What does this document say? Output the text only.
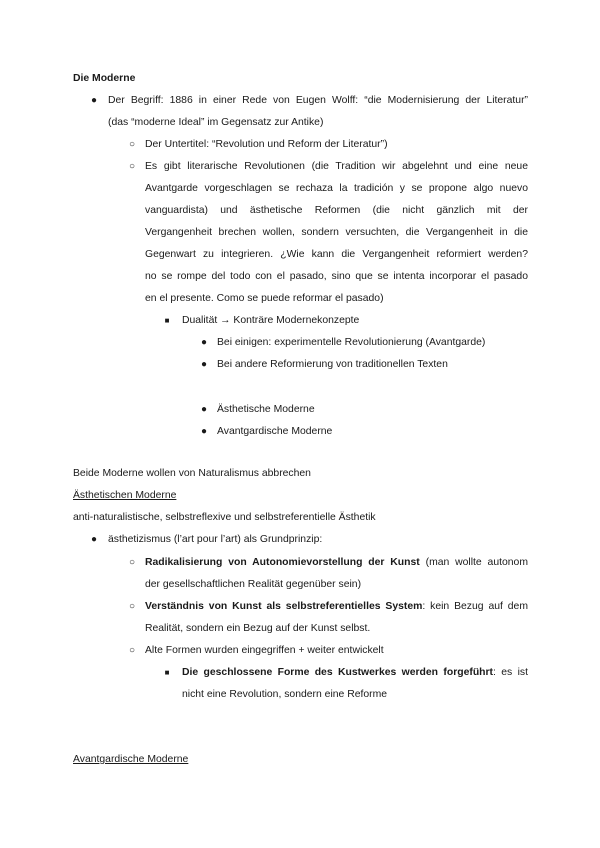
Die Moderne
●	Der Begriff: 1886 in einer Rede von Eugen Wolff: “die Modernisierung der Literatur”
(das “moderne Ideal” im Gegensatz zur Antike)
○ Der Untertitel: “Revolution und Reform der Literatur”)
○ Es gibt literarische Revolutionen (die Tradition wir abgelehnt und eine neue
Avantgarde vorgeschlagen se rechaza la tradición y se propone algo nuevo
vanguardista) und ästhetische Reformen (die nicht gänzlich mit der
Vergangenheit brechen wollen, sondern versuchten, die Vergangenheit in die
Gegenwart zu integrieren. ¿Wie kann die Vergangenheit reformiert werden?
no se rompe del todo con el pasado, sino que se intenta incorporar el pasado
en el presente. Como se puede reformar el pasado)
■	Dualität → Konträre Modernekonzepte
● Bei einigen: experimentelle Revolutionierung (Avantgarde)
● Bei andere Reformierung von traditionellen Texten
● Ästhetische Moderne
● Avantgardische Moderne
Beide Moderne wollen von Naturalismus abbrechen
Ästhetischen Moderne
anti-naturalistische, selbstreflexive und selbstreferentielle Ästhetik
●	ästhetizismus (l’art pour l’art) als Grundprinzip:
○ Radikalisierung von Autonomievorstellung der Kunst (man wollte autonom
der gesellschaftlichen Realität gegenüber sein)
○ Verständnis von Kunst als selbstreferentielles System: kein Bezug auf dem
Realität, sondern ein Bezug auf der Kunst selbst.
○ Alte Formen wurden eingegriffen + weiter entwickelt
■	Die geschlossene Forme des Kustwerkes werden forgeführt: es ist
nicht eine Revolution, sondern eine Reforme
Avantgardische Moderne
